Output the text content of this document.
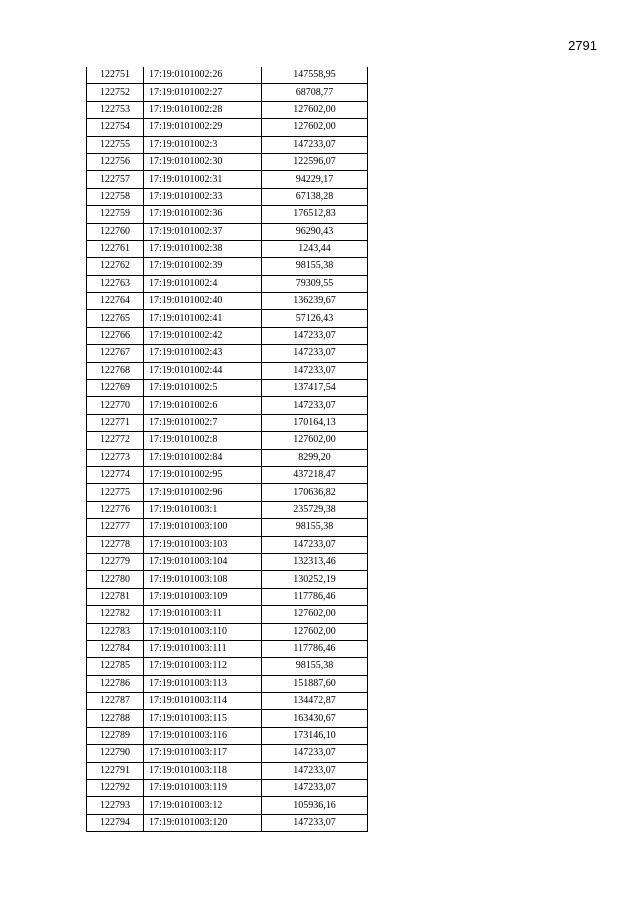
2791
122751	17:19:0101002:26	147558,95
122752	17:19:0101002:27	68708,77
122753	17:19:0101002:28	127602,00
122754	17:19:0101002:29	127602,00
122755	17:19:0101002:3	147233,07
122756	17:19:0101002:30	122596,07
122757	17:19:0101002:31	94229,17
122758	17:19:0101002:33	67138,28
122759	17:19:0101002:36	176512,83
122760	17:19:0101002:37	96290,43
122761	17:19:0101002:38	1243,44
122762	17:19:0101002:39	98155,38
122763	17:19:0101002:4	79309,55
122764	17:19:0101002:40	136239,67
122765	17:19:0101002:41	57126,43
122766	17:19:0101002:42	147233,07
122767	17:19:0101002:43	147233,07
122768	17:19:0101002:44	147233,07
122769	17:19:0101002:5	137417,54
122770	17:19:0101002:6	147233,07
122771	17:19:0101002:7	170164,13
122772	17:19:0101002:8	127602,00
122773	17:19:0101002:84	8299,20
122774	17:19:0101002:95	437218,47
122775	17:19:0101002:96	170636,82
122776	17:19:0101003:1	235729,38
122777	17:19:0101003:100	98155,38
122778	17:19:0101003:103	147233,07
122779	17:19:0101003:104	132313,46
122780	17:19:0101003:108	130252,19
122781	17:19:0101003:109	117786,46
122782	17:19:0101003:11	127602,00
122783	17:19:0101003:110	127602,00
122784	17:19:0101003:111	117786,46
122785	17:19:0101003:112	98155,38
122786	17:19:0101003:113	151887,60
122787	17:19:0101003:114	134472,87
122788	17:19:0101003:115	163430,67
122789	17:19:0101003:116	173146,10
122790	17:19:0101003:117	147233,07
122791	17:19:0101003:118	147233,07
122792	17:19:0101003:119	147233,07
122793	17:19:0101003:12	105936,16
122794	17:19:0101003:120	147233,07
